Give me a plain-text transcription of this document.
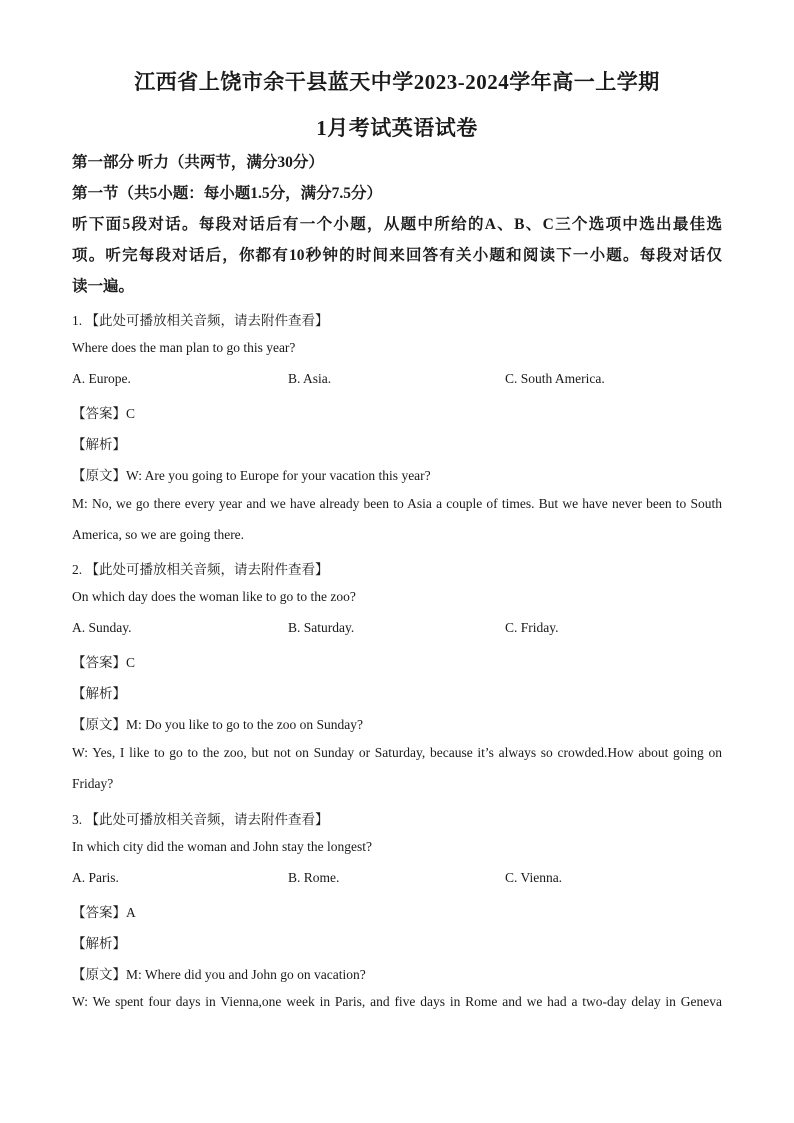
江西省上饶市余干县蓝天中学2023-2024学年高一上学期
1月考试英语试卷
第一部分 听力（共两节，满分30分）
第一节（共5小题：每小题1.5分，满分7.5分）
听下面5段对话。每段对话后有一个小题，从题中所给的A、B、C三个选项中选出最佳选
项。听完每段对话后，你都有10秒钟的时间来回答有关小题和阅读下一小题。每段对话仅
读一遍。
1. 【此处可播放相关音频，请去附件查看】
Where does the man plan to go this year?
A. Europe.	B. Asia.	C. South America.
【答案】C
【解析】
【原文】W: Are you going to Europe for your vacation this year?
M: No, we go there every year and we have already been to Asia a couple of times. But we have never been to South
America, so we are going there.
2. 【此处可播放相关音频，请去附件查看】
On which day does the woman like to go to the zoo?
A. Sunday.	B. Saturday.	C. Friday.
【答案】C
【解析】
【原文】M: Do you like to go to the zoo on Sunday?
W: Yes, I like to go to the zoo, but not on Sunday or Saturday, because it’s always so crowded.How about going on
Friday?
3. 【此处可播放相关音频，请去附件查看】
In which city did the woman and John stay the longest?
A. Paris.	B. Rome.	C. Vienna.
【答案】A
【解析】
【原文】M: Where did you and John go on vacation?
W: We spent four days in Vienna,one week in Paris, and five days in Rome and we had a two-day delay in Geneva
